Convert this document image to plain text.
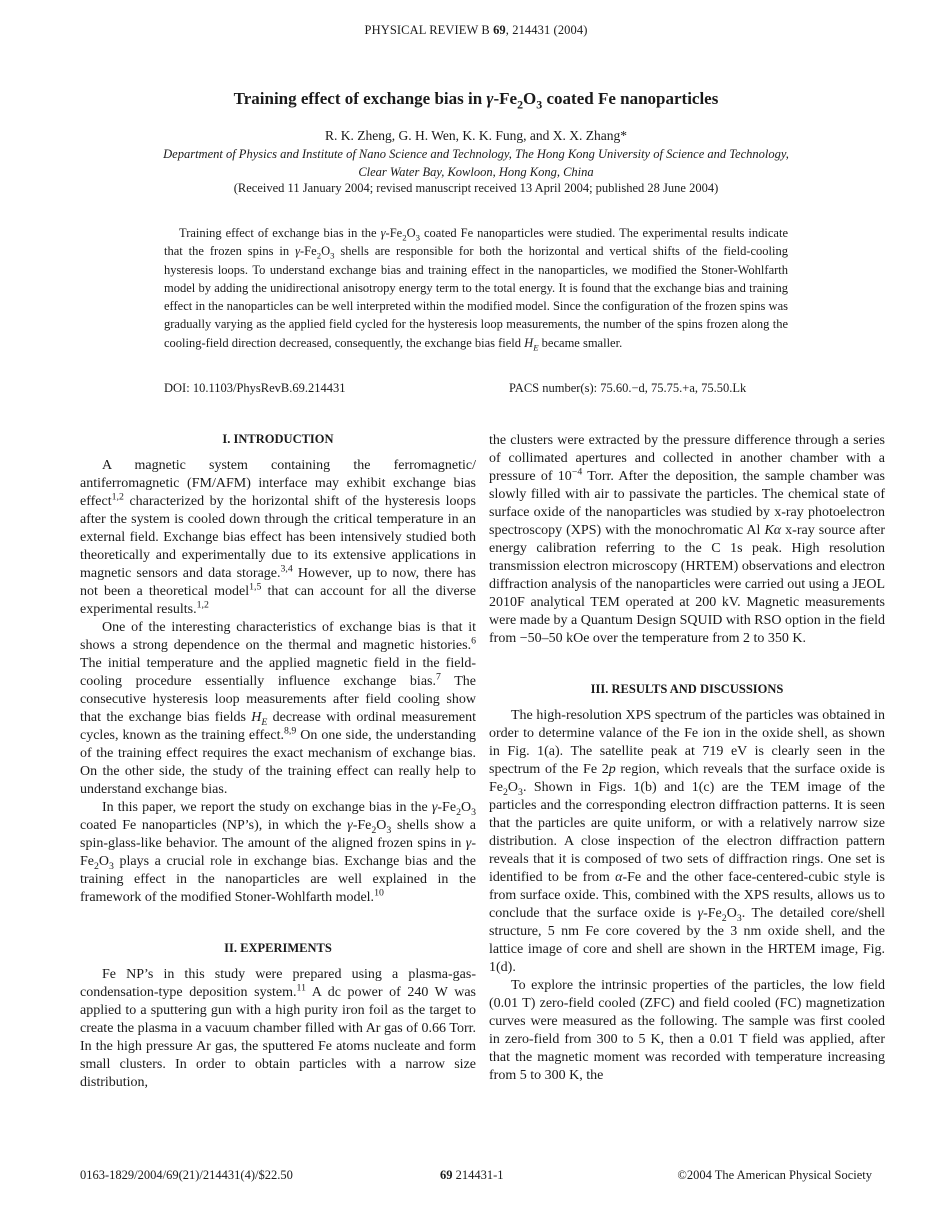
PHYSICAL REVIEW B 69, 214431 (2004)
Training effect of exchange bias in $\gamma-Fe_2O_3$ coated Fe nanoparticles
R. K. Zheng, G. H. Wen, K. K. Fung, and X. X. Zhang*
Department of Physics and Institute of Nano Science and Technology, The Hong Kong University of Science and Technology,
Clear Water Bay, Kowloon, Hong Kong, China
(Received 11 January 2004; revised manuscript received 13 April 2004; published 28 June 2004)

Training effect of exchange bias in the $\gamma-Fe_2O_3$ coated Fe nanoparticles were studied. The experimental results indicate that the frozen spins in $\gamma-Fe_2O_3$ shells are responsible for both the horizontal and vertical shifts of the field-cooling hysteresis loops. To understand exchange bias and training effect in the nanoparticles, we modified the Stoner-Wohlfarth model by adding the unidirectional anisotropy energy term to the total energy. It is found that the exchange bias and training effect in the nanoparticles can be well interpreted within the modified model. Since the configuration of the frozen spins was gradually varying as the applied field cycled for the hysteresis loop measurements, the number of the spins frozen along the cooling-field direction decreased, consequently, the exchange bias field $H_E$ became smaller.

DOI: 10.1103/PhysRevB.69.214431	PACS number(s): 75.60.−d, 75.75.+a, 75.50.Lk
I. INTRODUCTION

A magnetic system containing the ferromagnetic/ antiferromagnetic (FM/AFM) interface may exhibit exchange bias effect$^{1,2}$ characterized by the horizontal shift of the hysteresis loops after the system is cooled down through the critical temperature in an external field. Exchange bias effect has been intensively studied both theoretically and experimentally due to its extensive applications in magnetic sensors and data storage.$^{3,4}$ However, up to now, there has not been a theoretical model$^{1,5}$ that can account for all the diverse experimental results.$^{1,2}$

One of the interesting characteristics of exchange bias is that it shows a strong dependence on the thermal and magnetic histories.$^6$ The initial temperature and the applied magnetic field in the field-cooling procedure essentially influence exchange bias.$^7$ The consecutive hysteresis loop measurements after field cooling show that the exchange bias fields $H_E$ decrease with ordinal measurement cycles, known as the training effect.$^{8,9}$ On one side, the understanding of the training effect requires the exact mechanism of exchange bias. On the other side, the study of the training effect can really help to understand exchange bias.

In this paper, we report the study on exchange bias in the $\gamma-Fe_2O_3$ coated Fe nanoparticles (NP’s), in which the $\gamma-Fe_2O_3$ shells show a spin-glass-like behavior. The amount of the aligned frozen spins in $\gamma-Fe_2O_3$ plays a crucial role in exchange bias. Exchange bias and the training effect in the nanoparticles are well explained in the framework of the modified Stoner-Wohlfarth model.$^{10}$

II. EXPERIMENTS

Fe NP’s in this study were prepared using a plasma-gas-condensation-type deposition system.$^{11}$ A dc power of 240 W was applied to a sputtering gun with a high purity iron foil as the target to create the plasma in a vacuum chamber filled with Ar gas of 0.66 Torr. In the high pressure Ar gas, the sputtered Fe atoms nucleate and form small clusters. In order to obtain particles with a narrow size distribution,

the clusters were extracted by the pressure difference through a series of collimated apertures and collected in another chamber with a pressure of $10^{-4}$ Torr. After the deposition, the sample chamber was slowly filled with air to passivate the particles. The chemical state of surface oxide of the nanoparticles was studied by x-ray photoelectron spectroscopy (XPS) with the monochromatic Al Kα x-ray source after energy calibration referring to the C 1s peak. High resolution transmission electron microscopy (HRTEM) observations and electron diffraction analysis of the nanoparticles were carried out using a JEOL 2010F analytical TEM operated at 200 kV. Magnetic measurements were made by a Quantum Design SQUID with RSO option in the field from −50–50 kOe over the temperature from 2 to 350 K.

III. RESULTS AND DISCUSSIONS

The high-resolution XPS spectrum of the particles was obtained in order to determine valance of the Fe ion in the oxide shell, as shown in Fig. 1(a). The satellite peak at 719 eV is clearly seen in the spectrum of the Fe 2p region, which reveals that the surface oxide is $Fe_2O_3$. Shown in Figs. 1(b) and 1(c) are the TEM image of the particles and the corresponding electron diffraction patterns. It is seen that the particles are quite uniform, or with a relatively narrow size distribution. A close inspection of the electron diffraction pattern reveals that it is composed of two sets of diffraction rings. One set is identified to be from α-Fe and the other face-centered-cubic style is from surface oxide. This, combined with the XPS results, allows us to conclude that the surface oxide is $\gamma-Fe_2O_3$. The detailed core/shell structure, 5 nm Fe core covered by the 3 nm oxide shell, and the lattice image of core and shell are shown in the HRTEM image, Fig. 1(d).

To explore the intrinsic properties of the particles, the low field (0.01 T) zero-field cooled (ZFC) and field cooled (FC) magnetization curves were measured as the following. The sample was first cooled in zero-field from 300 to 5 K, then a 0.01 T field was applied, after that the magnetic moment was recorded with temperature increasing from 5 to 300 K, the

0163-1829/2004/69(21)/214431(4)/$22.50	69 214431-1	©2004 The American Physical Society
